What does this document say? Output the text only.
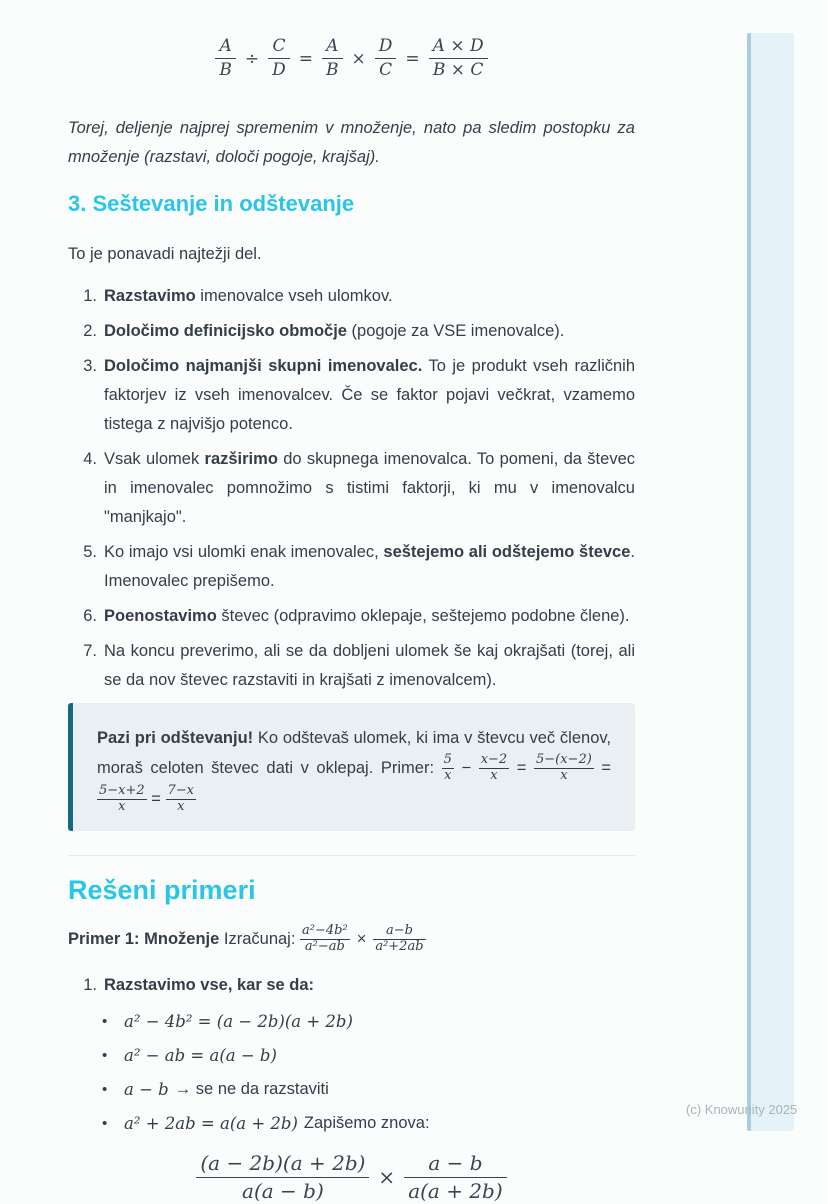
$\frac{A}{B} \div \frac{C}{D} = \frac{A}{B} \times \frac{D}{C} = \frac{A \times D}{B \times C}$

Torej, deljenje najprej spremenim v množenje, nato pa sledim postopku za množenje (razstavi, določi pogoje, krajšaj).

3. Seštevanje in odštevanje

To je ponavadi najtežji del.

1. Razstavimo imenovalce vseh ulomkov.
2. Določimo definicijsko območje (pogoje za VSE imenovalce).
3. Določimo najmanjši skupni imenovalec. To je produkt vseh različnih faktorjev iz vseh imenovalcev. Če se faktor pojavi večkrat, vzamemo tistega z najvišjo potenco.
4. Vsak ulomek razširimo do skupnega imenovalca. To pomeni, da števec in imenovalec pomnožimo s tistimi faktorji, ki mu v imenovalcu "manjkajo".
5. Ko imajo vsi ulomki enak imenovalec, seštejemo ali odštejemo števce. Imenovalec prepišemo.
6. Poenostavimo števec (odpravimo oklepaje, seštejemo podobne člene).
7. Na koncu preverimo, ali se da dobljeni ulomek še kaj okrajšati (torej, ali se da nov števec razstaviti in krajšati z imenovalcem).
Pazi pri odštevanju! Ko odštevaš ulomek, ki ima v števcu več členov, moraš celoten števec dati v oklepaj. Primer: $\frac{5}{x} - \frac{x-2}{x} = \frac{5-(x-2)}{x}$ =
$\frac{5-x+2}{x} = \frac{7-x}{x}$
Rešeni primeri

Primer 1: Množenje Izračunaj: $\frac{\text{a²−4b²}}{\text{a²−ab}} \times \frac{a-b}{\text{a²+2ab}}$

1. Razstavimo vse, kar se da:
•	a² − 4b² = (a − 2b)(a + 2b)
•	a² − ab = a(a − b)
•	a − b → se ne da razstaviti
•	a² + 2ab = a(a + 2b) Zapišemo znova:
$\frac{(a - 2b)(a + 2b)}{a(a - b)} \times \frac{a - b}{a(a + 2b)}$
(c) Knowunity 2025
